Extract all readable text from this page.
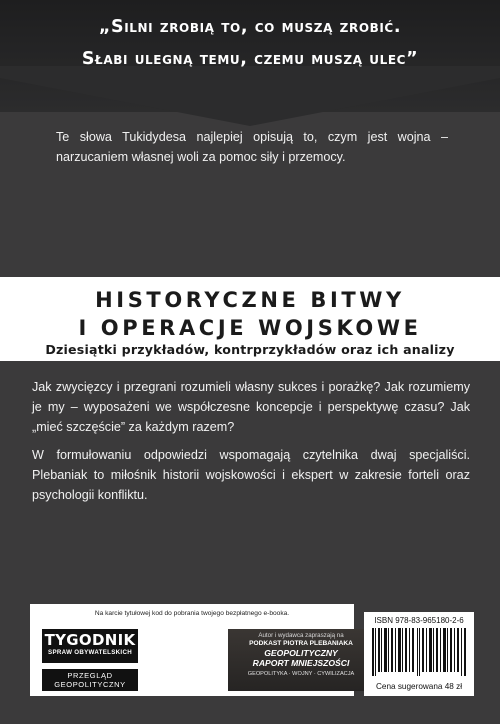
„Silni zrobią to, co muszą zrobić.
Słabi ulegną temu, czemu muszą ulec”

Te słowa Tukidydesa najlepiej opisują to, czym jest wojna – narzucaniem własnej woli za pomoc siły i przemocy.

HISTORYCZNE BITWY
I OPERACJE WOJSKOWE
Dziesiątki przykładów, kontrprzykładów oraz ich analizy

Jak zwycięzcy i przegrani rozumieli własny sukces i porażkę? Jak rozumiemy je my – wyposażeni we współczesne koncepcje i perspektywę czasu? Jak „mieć szczęście” za każdym razem?

W formułowaniu odpowiedzi wspomagają czytelnika dwaj specjaliści. Plebaniak to miłośnik historii wojskowości i ekspert w zakresie forteli oraz psychologii konfliktu.

Na karcie tytułowej kod do pobrania twojego bezpłatnego e-booka.
TYGODNIK
SPRAW OBYWATELSKICH
PRZEGLĄD
GEOPOLITYCZNY
Autor i wydawca zapraszają na
PODKAST PIOTRA PLEBANIAKA
GEOPOLITYCZNY
RAPORT MNIEJSZOŚCI
GEOPOLITYKA · WOJNY · CYWILIZACJA
ISBN 978-83-965180-2-6
Cena sugerowana 48 zł
